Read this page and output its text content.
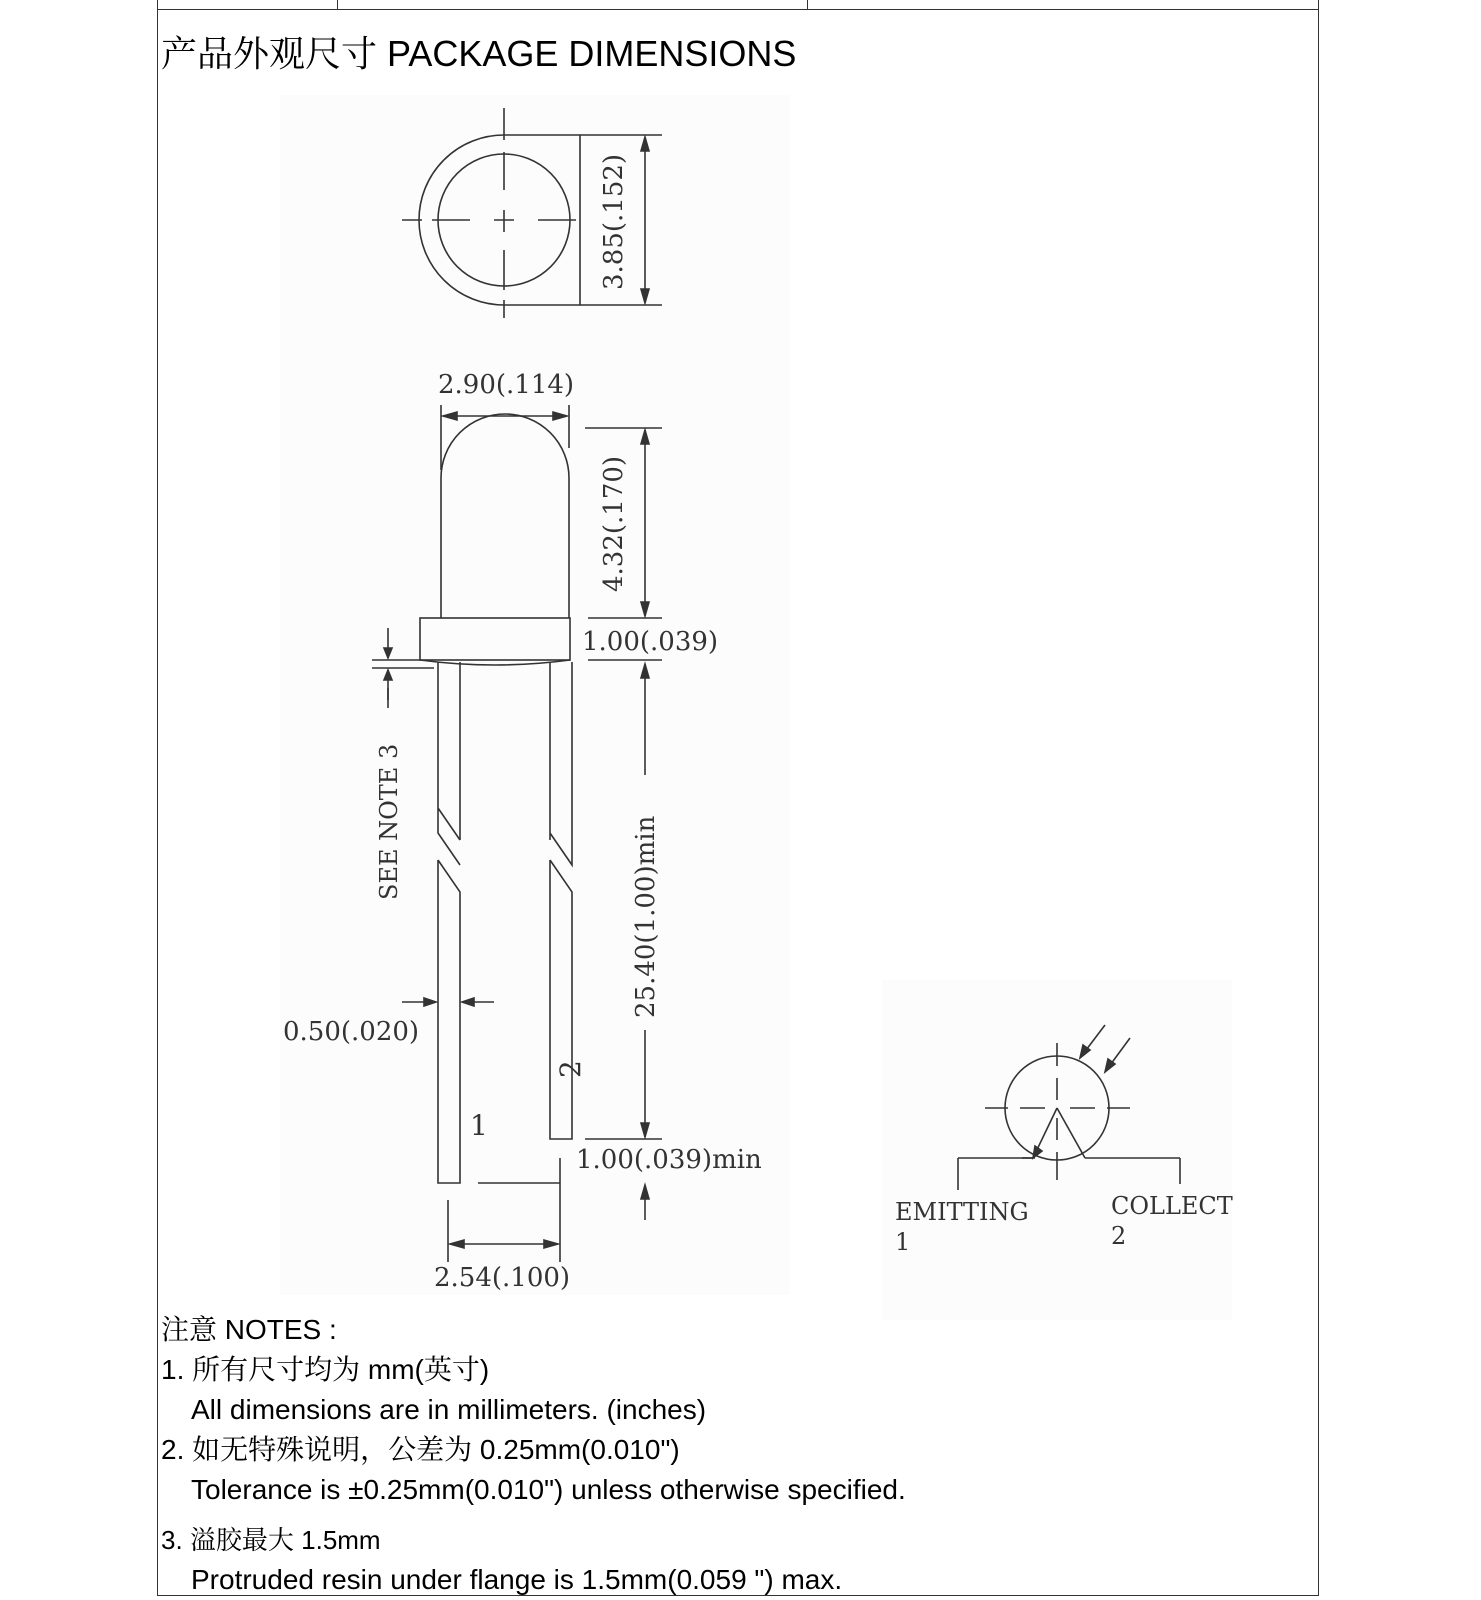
产品外观尺寸 PACKAGE DIMENSIONS
3.85(.152)
2.90(.114)
4.32(.170)
1.00(.039)
SEE NOTE 3	25.40(1.00)min
0.50(.020)
1
2
1.00(.039)min
2.54(.100)
EMITTING
1
COLLECT
2
注意 NOTES :
1. 所有尺寸均为 mm(英寸)
All dimensions are in millimeters. (inches)
2. 如无特殊说明，公差为 0.25mm(0.010")
Tolerance is ±0.25mm(0.010") unless otherwise specified.
3. 溢胶最大 1.5mm
Protruded resin under flange is 1.5mm(0.059 ") max.
